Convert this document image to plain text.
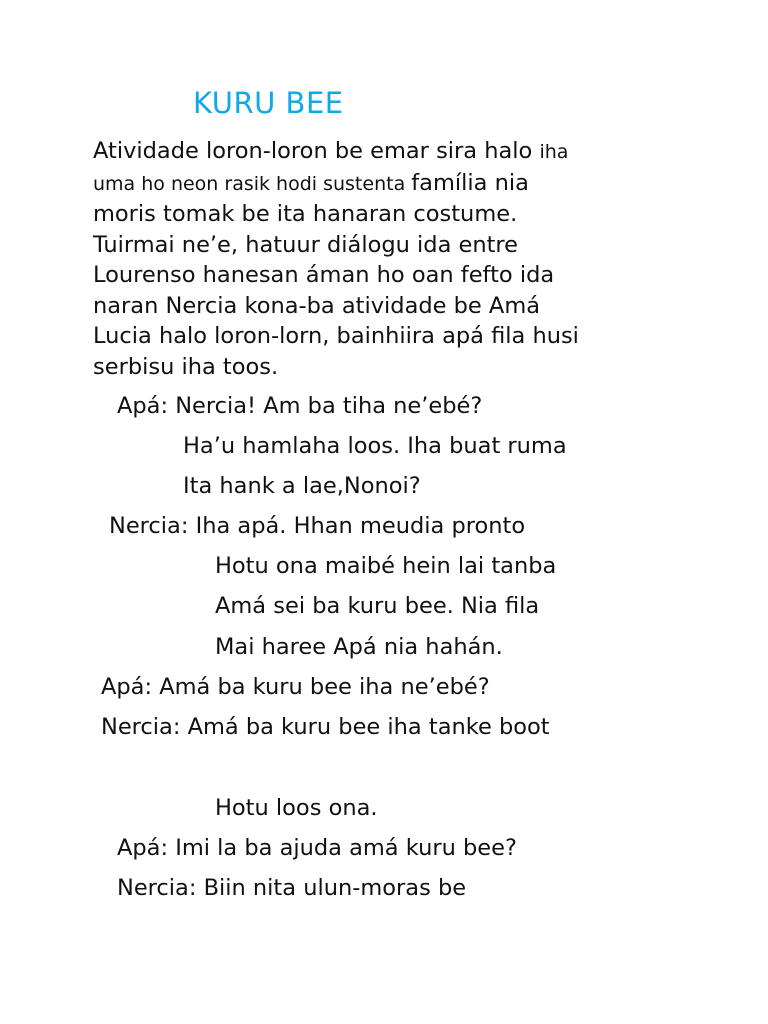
KURU BEE
Atividade loron-loron be emar sira halo iha
uma ho neon rasik hodi sustenta família nia
moris tomak be ita hanaran costume.
Tuirmai ne’e, hatuur diálogu ida entre
Lourenso hanesan áman ho oan fefto ida
naran Nercia kona-ba atividade be Amá
Lucia halo loron-lorn, bainhiira apá fila husi
serbisu iha toos.
Apá: Nercia! Am ba tiha ne’ebé?
Ha’u hamlaha loos. Iha buat ruma
Ita hank a lae,Nonoi?
Nercia: Iha apá. Hhan meudia pronto
Hotu ona maibé hein lai tanba
Amá sei ba kuru bee. Nia fila
Mai haree Apá nia hahán.
Apá: Amá ba kuru bee iha ne’ebé?
Nercia: Amá ba kuru bee iha tanke boot
Hotu loos ona.
Apá: Imi la ba ajuda amá kuru bee?
Nercia: Biin nita ulun-moras be
